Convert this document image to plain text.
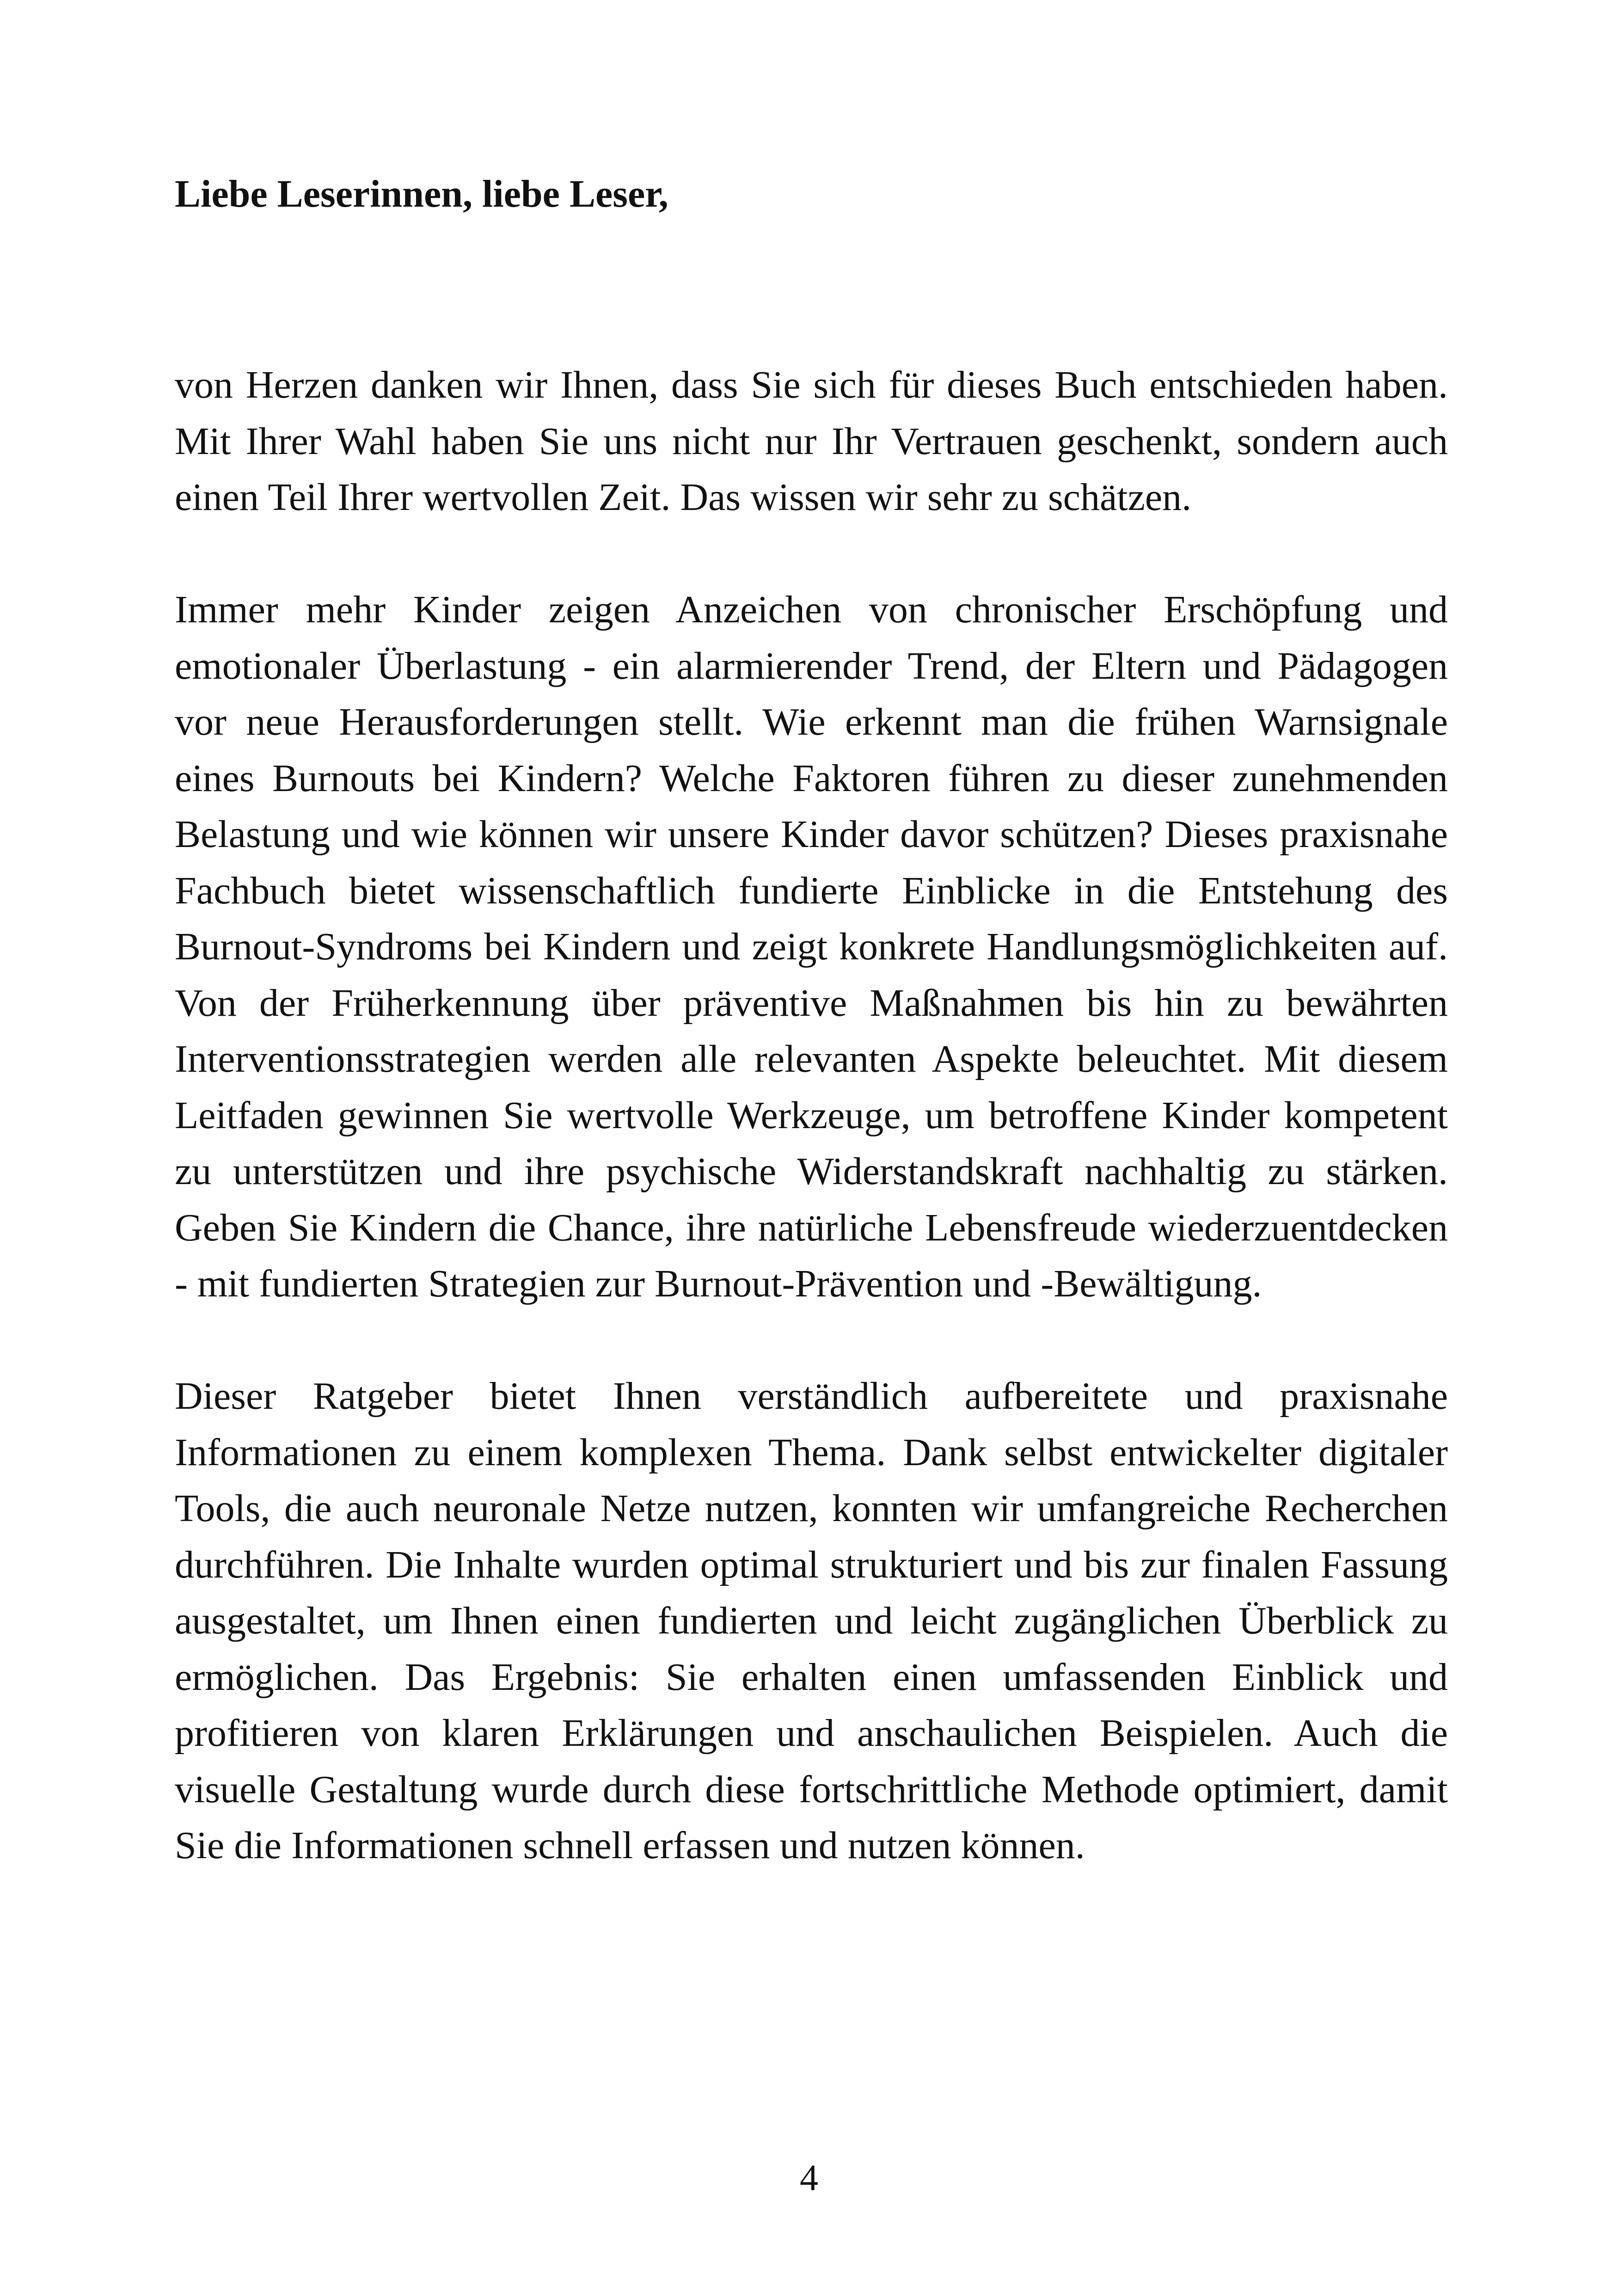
Liebe Leserinnen, liebe Leser,

von Herzen danken wir Ihnen, dass Sie sich für dieses Buch entschieden haben. Mit Ihrer Wahl haben Sie uns nicht nur Ihr Vertrauen geschenkt, sondern auch einen Teil Ihrer wertvollen Zeit. Das wissen wir sehr zu schätzen.

Immer mehr Kinder zeigen Anzeichen von chronischer Erschöpfung und emotionaler Überlastung - ein alarmierender Trend, der Eltern und Pädagogen vor neue Herausforderungen stellt. Wie erkennt man die frühen Warnsignale eines Burnouts bei Kindern? Welche Faktoren führen zu dieser zunehmenden Belastung und wie können wir unsere Kinder davor schützen? Dieses praxisnahe Fachbuch bietet wissenschaftlich fundierte Einblicke in die Entstehung des Burnout-Syndroms bei Kindern und zeigt konkrete Handlungsmöglichkeiten auf. Von der Früherkennung über präventive Maßnahmen bis hin zu bewährten Interventionsstrategien werden alle relevanten Aspekte beleuchtet. Mit diesem Leitfaden gewinnen Sie wertvolle Werkzeuge, um betroffene Kinder kompetent zu unterstützen und ihre psychische Widerstandskraft nachhaltig zu stärken. Geben Sie Kindern die Chance, ihre natürliche Lebensfreude wiederzuentdecken - mit fundierten Strategien zur Burnout-Prävention und -Bewältigung.

Dieser Ratgeber bietet Ihnen verständlich aufbereitete und praxisnahe Informationen zu einem komplexen Thema. Dank selbst entwickelter digitaler Tools, die auch neuronale Netze nutzen, konnten wir umfangreiche Recherchen durchführen. Die Inhalte wurden optimal strukturiert und bis zur finalen Fassung ausgestaltet, um Ihnen einen fundierten und leicht zugänglichen Überblick zu ermöglichen. Das Ergebnis: Sie erhalten einen umfassenden Einblick und profitieren von klaren Erklärungen und anschaulichen Beispielen. Auch die visuelle Gestaltung wurde durch diese fortschrittliche Methode optimiert, damit Sie die Informationen schnell erfassen und nutzen können.

4
